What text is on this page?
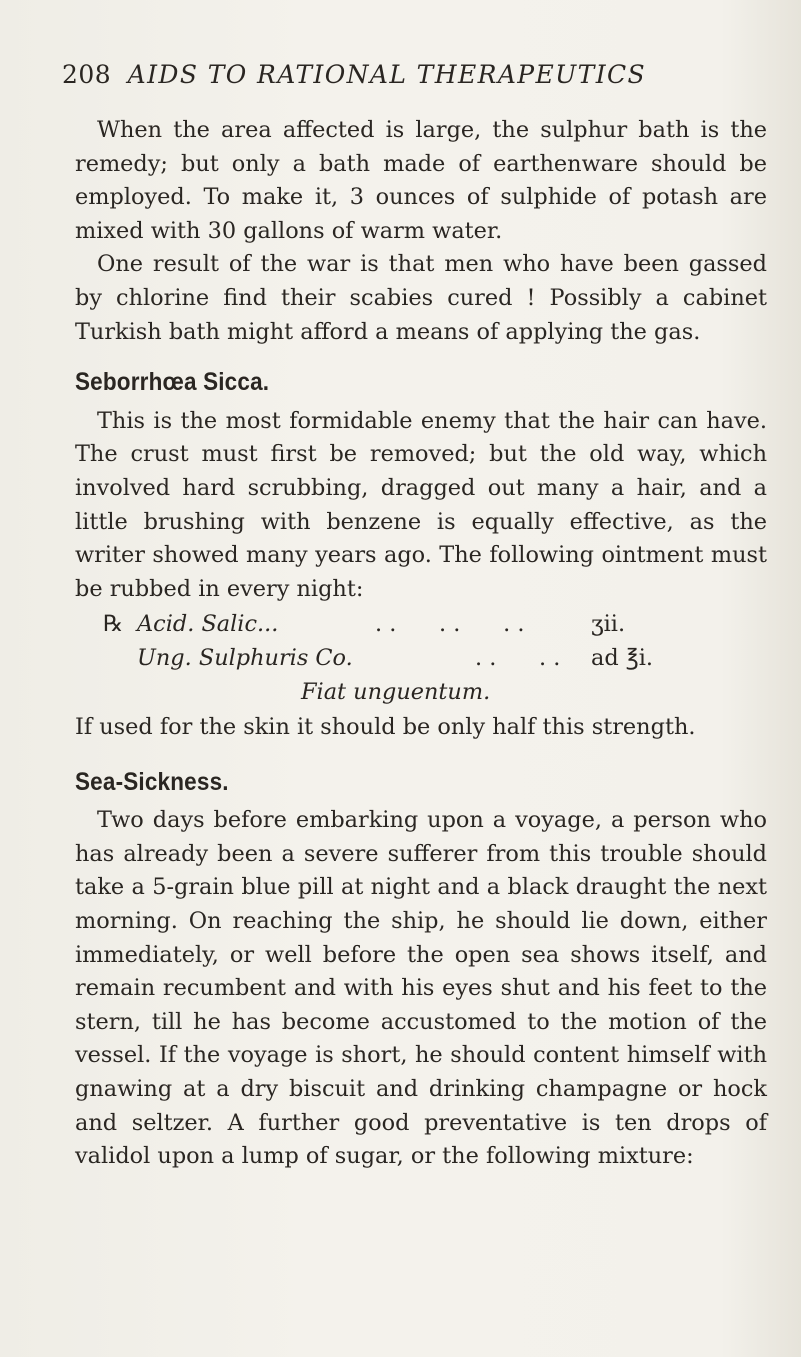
208 AIDS TO RATIONAL THERAPEUTICS

When the area affected is large, the sulphur bath is the remedy; but only a bath made of earthenware should be employed. To make it, 3 ounces of sulphide of potash are mixed with 30 gallons of warm water.

One result of the war is that men who have been gassed by chlorine find their scabies cured ! Possibly a cabinet Turkish bath might afford a means of applying the gas.

Seborrhœa Sicca.

This is the most formidable enemy that the hair can have. The crust must first be removed; but the old way, which involved hard scrubbing, dragged out many a hair, and a little brushing with benzene is equally effective, as the writer showed many years ago. The following ointment must be rubbed in every night:

℞ Acid. Salic...	. .      . .      . .	ʒii.
Ung. Sulphuris Co.	. .      . . ad ℥i.
Fiat unguentum.

If used for the skin it should be only half this strength.

Sea-Sickness.

Two days before embarking upon a voyage, a person who has already been a severe sufferer from this trouble should take a 5-grain blue pill at night and a black draught the next morning. On reaching the ship, he should lie down, either immediately, or well before the open sea shows itself, and remain recumbent and with his eyes shut and his feet to the stern, till he has become accustomed to the motion of the vessel. If the voyage is short, he should content himself with gnawing at a dry biscuit and drinking champagne or hock and seltzer. A further good preventative is ten drops of validol upon a lump of sugar, or the following mixture:
